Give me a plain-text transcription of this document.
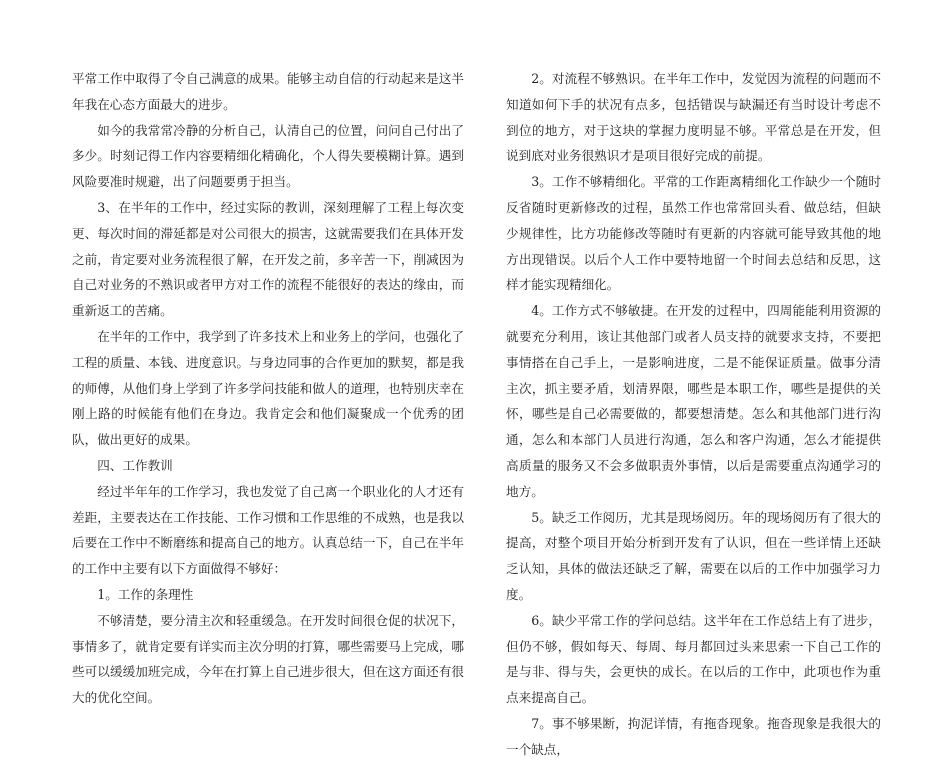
平常工作中取得了令自己满意的成果。能够主动自信的行动起来是这半年我在心态方面最大的进步。

如今的我常常冷静的分析自己，认清自己的位置，问问自己付出了多少。时刻记得工作内容要精细化精确化，个人得失要模糊计算。遇到风险要准时规避，出了问题要勇于担当。

3、在半年的工作中，经过实际的教训，深刻理解了工程上每次变更、每次时间的滞延都是对公司很大的损害，这就需要我们在具体开发之前，肯定要对业务流程很了解，在开发之前，多辛苦一下，削减因为自己对业务的不熟识或者甲方对工作的流程不能很好的表达的缘由，而重新返工的苦痛。

在半年的工作中，我学到了许多技术上和业务上的学问，也强化了工程的质量、本钱、进度意识。与身边同事的合作更加的默契，都是我的师傅，从他们身上学到了许多学问技能和做人的道理，也特别庆幸在刚上路的时候能有他们在身边。我肯定会和他们凝聚成一个优秀的团队，做出更好的成果。

四、工作教训

经过半年年的工作学习，我也发觉了自己离一个职业化的人才还有差距，主要表达在工作技能、工作习惯和工作思维的不成熟，也是我以后要在工作中不断磨练和提高自己的地方。认真总结一下，自己在半年的工作中主要有以下方面做得不够好：

1。工作的条理性

不够清楚，要分清主次和轻重缓急。在开发时间很仓促的状况下，事情多了，就肯定要有详实而主次分明的打算，哪些需要马上完成，哪些可以缓缓加班完成，今年在打算上自己进步很大，但在这方面还有很大的优化空间。

2。对流程不够熟识。在半年工作中，发觉因为流程的问题而不知道如何下手的状况有点多，包括错误与缺漏还有当时设计考虑不到位的地方，对于这块的掌握力度明显不够。平常总是在开发，但说到底对业务很熟识才是项目很好完成的前提。

3。工作不够精细化。平常的工作距离精细化工作缺少一个随时反省随时更新修改的过程，虽然工作也常常回头看、做总结，但缺少规律性，比方功能修改等随时有更新的内容就可能导致其他的地方出现错误。以后个人工作中要特地留一个时间去总结和反思，这样才能实现精细化。

4。工作方式不够敏捷。在开发的过程中，四周能能利用资源的就要充分利用，该让其他部门或者人员支持的就要求支持，不要把事情搭在自己手上，一是影响进度，二是不能保证质量。做事分清主次，抓主要矛盾，划清界限，哪些是本职工作，哪些是提供的关怀，哪些是自己必需要做的，都要想清楚。怎么和其他部门进行沟通，怎么和本部门人员进行沟通，怎么和客户沟通，怎么才能提供高质量的服务又不会多做职责外事情，以后是需要重点沟通学习的地方。

5。缺乏工作阅历，尤其是现场阅历。年的现场阅历有了很大的提高，对整个项目开始分析到开发有了认识，但在一些详情上还缺乏认知，具体的做法还缺乏了解，需要在以后的工作中加强学习力度。

6。缺少平常工作的学问总结。这半年在工作总结上有了进步，但仍不够，假如每天、每周、每月都回过头来思索一下自己工作的是与非、得与失，会更快的成长。在以后的工作中，此项也作为重点来提高自己。

7。事不够果断，拘泥详情，有拖沓现象。拖沓现象是我很大的一个缺点，
